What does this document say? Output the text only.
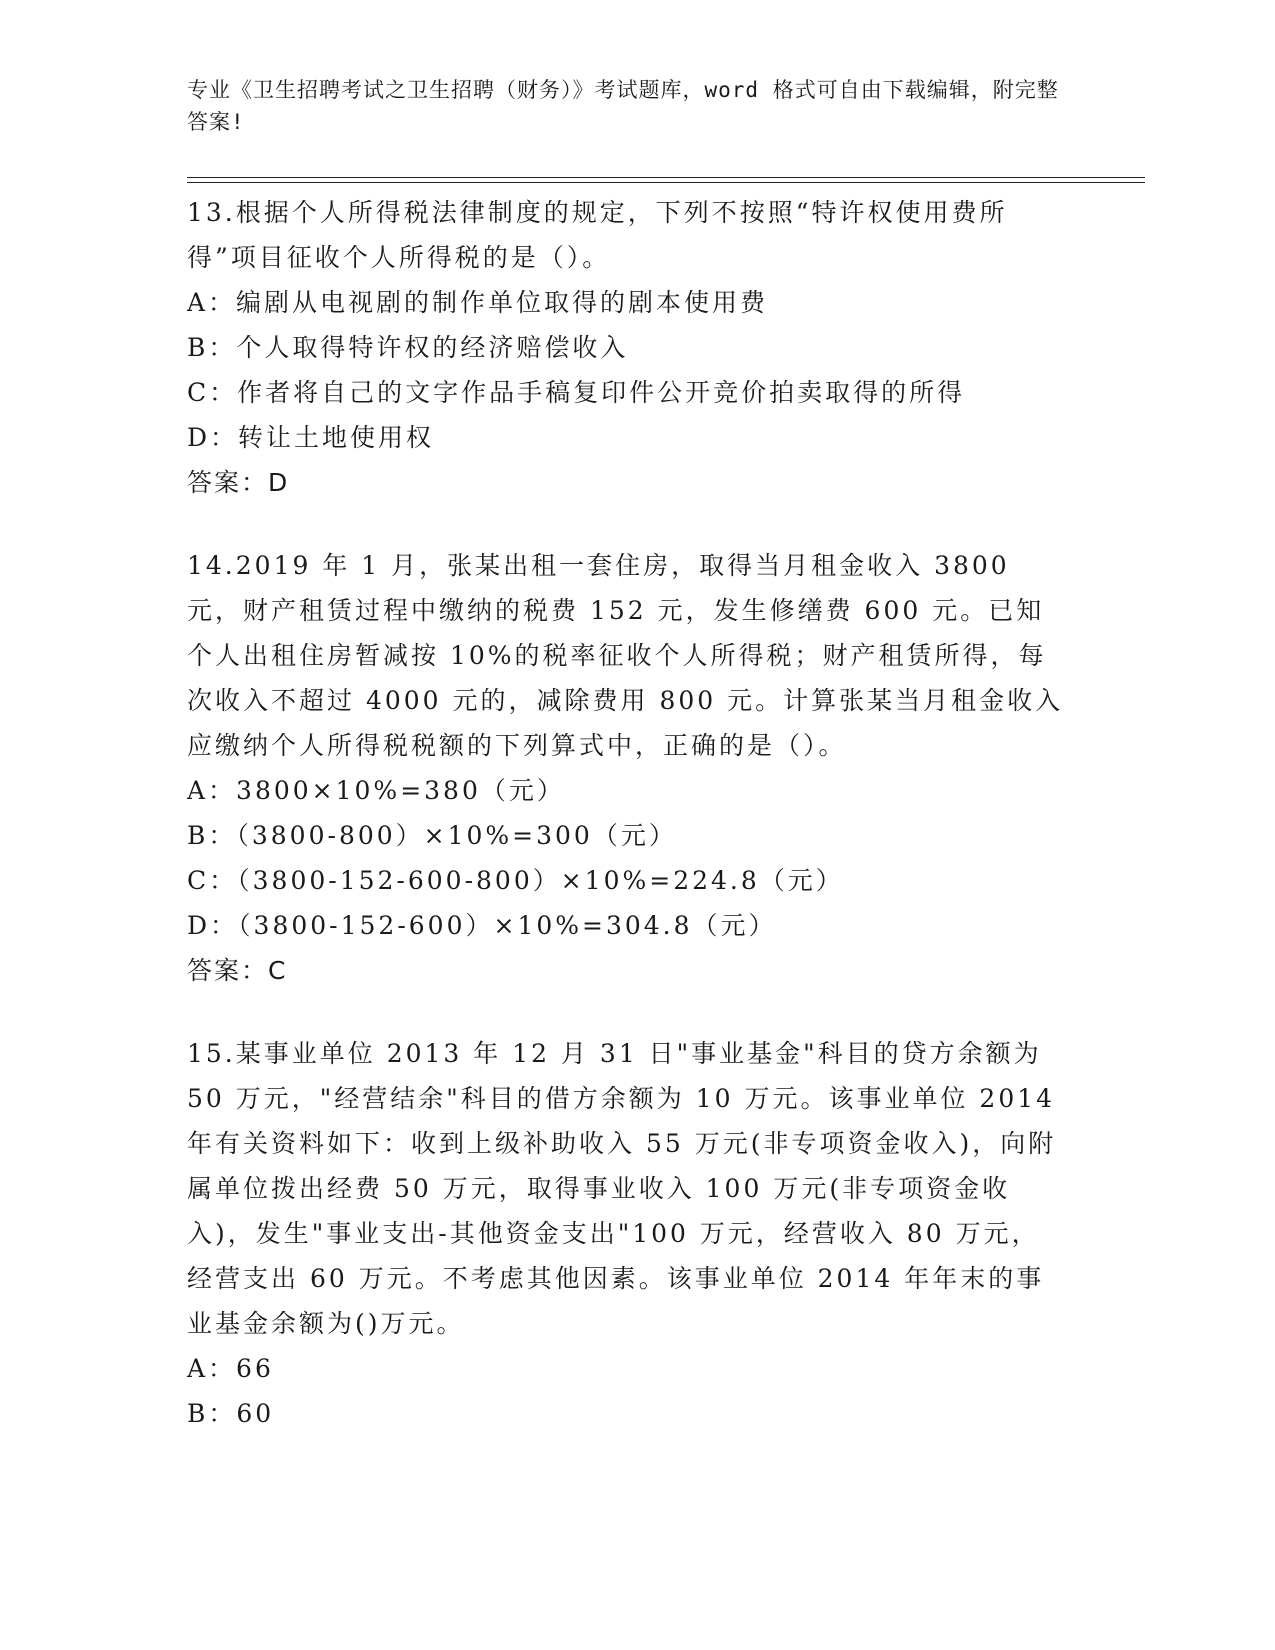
专业《卫生招聘考试之卫生招聘（财务）》考试题库，word 格式可自由下载编辑，附完整答案!

13.根据个人所得税法律制度的规定，下列不按照“特许权使用费所得”项目征收个人所得税的是（）。

A：编剧从电视剧的制作单位取得的剧本使用费

B：个人取得特许权的经济赔偿收入

C：作者将自己的文字作品手稿复印件公开竞价拍卖取得的所得

D：转让土地使用权

答案：D

14.2019 年 1 月，张某出租一套住房，取得当月租金收入 3800 元，财产租赁过程中缴纳的税费 152 元，发生修缮费 600 元。已知个人出租住房暂减按 10%的税率征收个人所得税；财产租赁所得，每次收入不超过 4000 元的，减除费用 800 元。计算张某当月租金收入应缴纳个人所得税税额的下列算式中，正确的是（）。

A：3800×10%=380（元）

B：（3800-800）×10%=300（元）

C：（3800-152-600-800）×10%=224.8（元）

D：（3800-152-600）×10%=304.8（元）

答案：C

15.某事业单位 2013 年 12 月 31 日"事业基金"科目的贷方余额为 50 万元，"经营结余"科目的借方余额为 10 万元。该事业单位 2014 年有关资料如下：收到上级补助收入 55 万元(非专项资金收入)，向附属单位拨出经费 50 万元，取得事业收入 100 万元(非专项资金收入)，发生"事业支出-其他资金支出"100 万元，经营收入 80 万元，经营支出 60 万元。不考虑其他因素。该事业单位 2014 年年末的事业基金余额为()万元。

A：66

B：60
